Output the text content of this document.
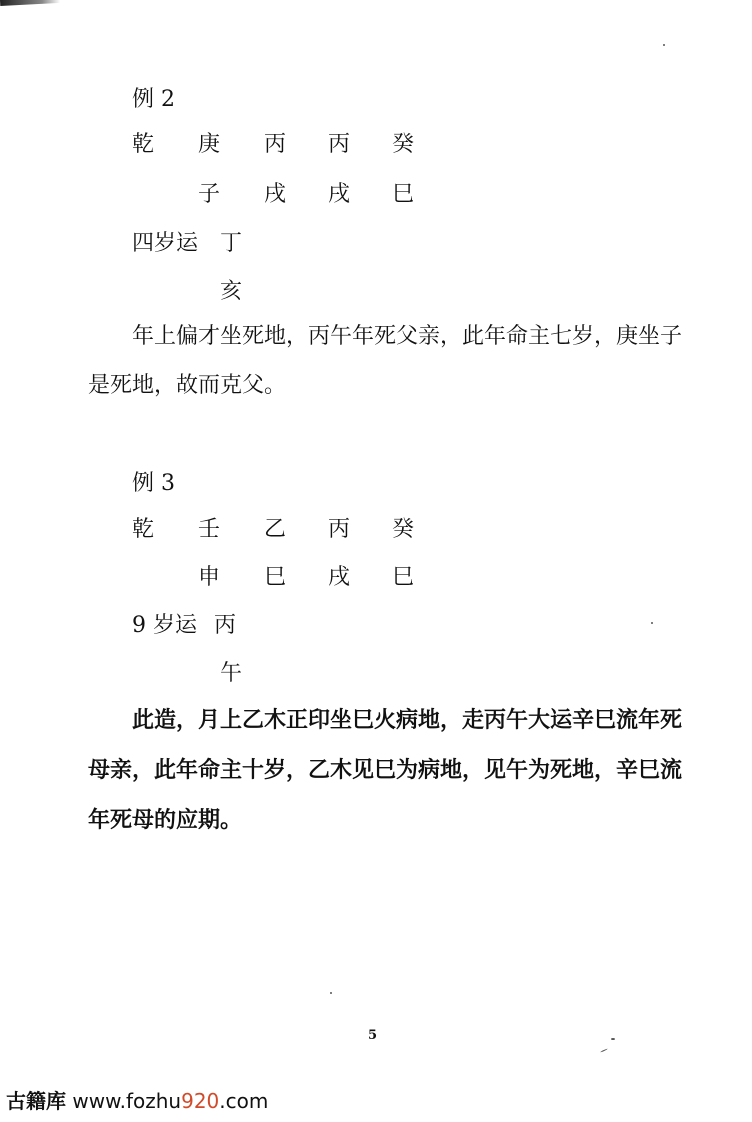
例 2
乾 庚 丙 丙 癸
子 戌 戌 巳
四岁运 丁
亥
年上偏才坐死地，丙午年死父亲，此年命主七岁，庚坐子
是死地，故而克父。
例 3
乾 壬 乙 丙 癸
申 巳 戌 巳
9 岁运 丙
午
此造，月上乙木正印坐巳火病地，走丙午大运辛巳流年死
母亲，此年命主十岁，乙木见巳为病地，见午为死地，辛巳流
年死母的应期。
5
古籍库 www.fozhu920.com
